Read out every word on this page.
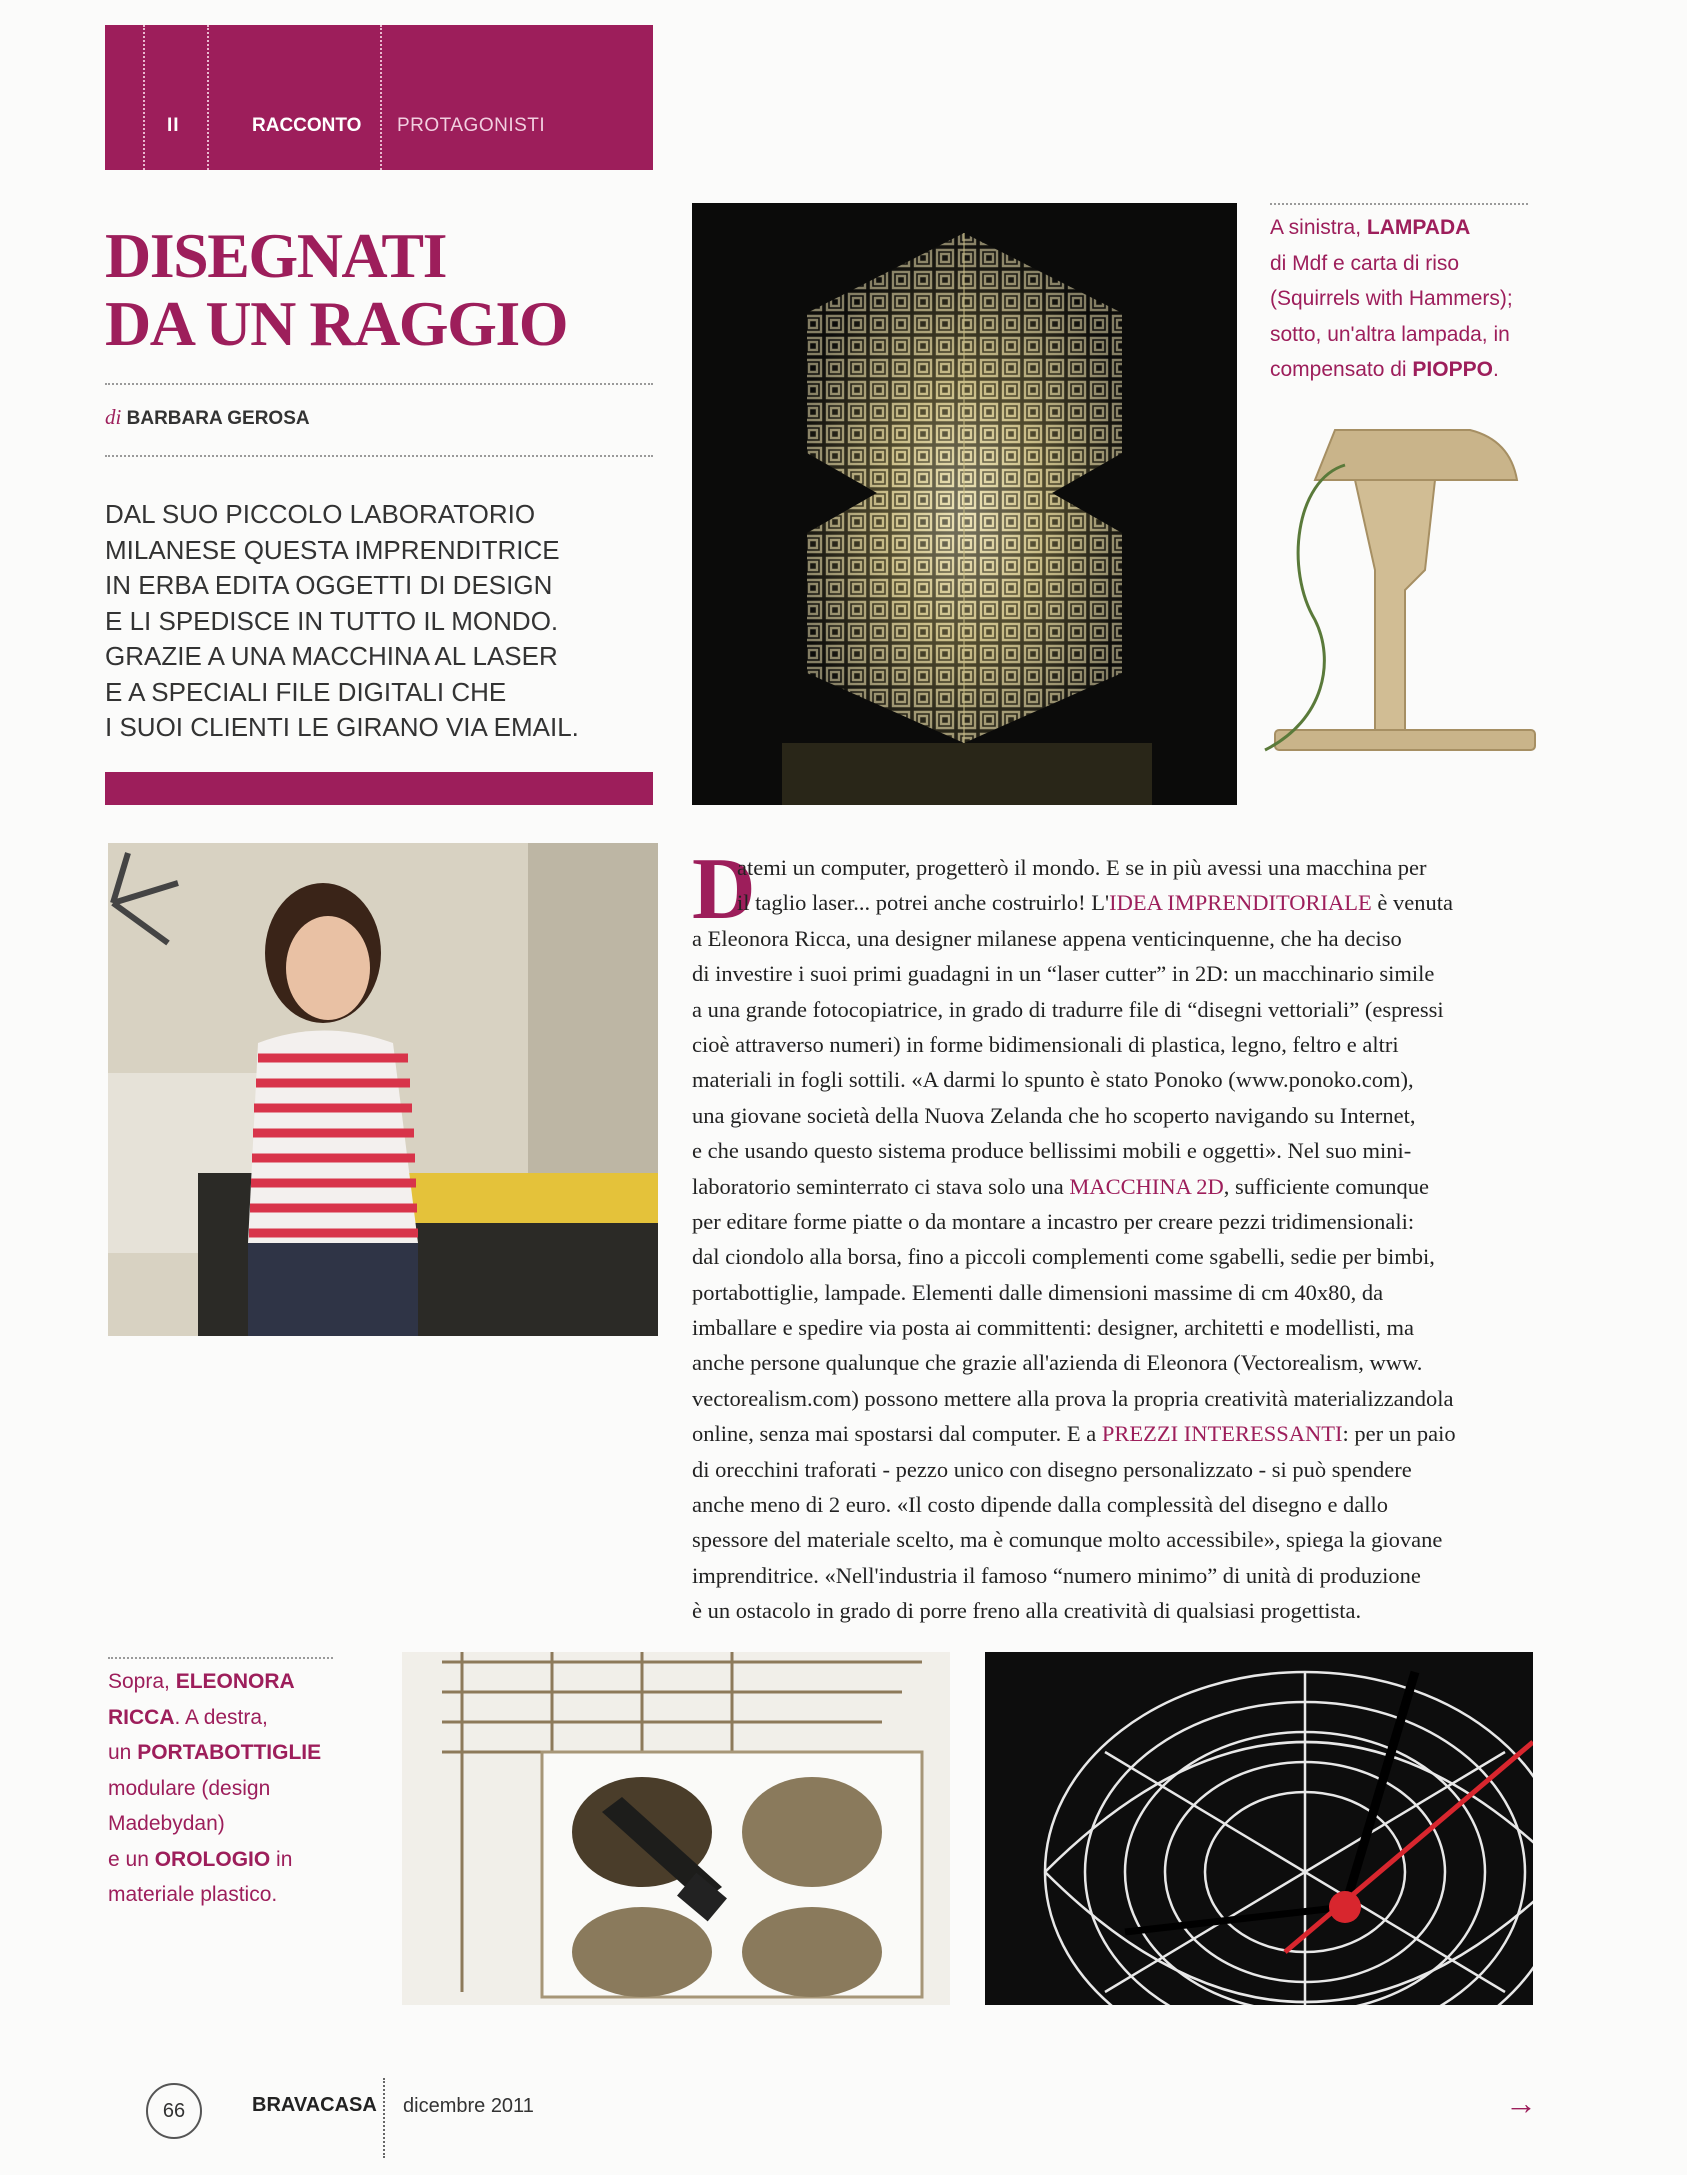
II	RACCONTO PROTAGONISTI
DISEGNATI
DA UN RAGGIO
di BARBARA GEROSA
DAL SUO PICCOLO LABORATORIO
MILANESE QUESTA IMPRENDITRICE
IN ERBA EDITA OGGETTI DI DESIGN
E LI SPEDISCE IN TUTTO IL MONDO.
GRAZIE A UNA MACCHINA AL LASER
E A SPECIALI FILE DIGITALI CHE
I SUOI CLIENTI LE GIRANO VIA EMAIL.
A sinistra, LAMPADA
di Mdf e carta di riso
(Squirrels with Hammers);
sotto, un'altra lampada, in
compensato di PIOPPO.
D
atemi un computer, progetterò il mondo. E se in più avessi una macchina per
il taglio laser... potrei anche costruirlo! L'IDEA IMPRENDITORIALE è venuta
a Eleonora Ricca, una designer milanese appena venticinquenne, che ha deciso
di investire i suoi primi guadagni in un “laser cutter” in 2D: un macchinario simile
a una grande fotocopiatrice, in grado di tradurre file di “disegni vettoriali” (espressi
cioè attraverso numeri) in forme bidimensionali di plastica, legno, feltro e altri
materiali in fogli sottili. «A darmi lo spunto è stato Ponoko (www.ponoko.com),
una giovane società della Nuova Zelanda che ho scoperto navigando su Internet,
e che usando questo sistema produce bellissimi mobili e oggetti». Nel suo mini-
laboratorio seminterrato ci stava solo una MACCHINA 2D, sufficiente comunque
per editare forme piatte o da montare a incastro per creare pezzi tridimensionali:
dal ciondolo alla borsa, fino a piccoli complementi come sgabelli, sedie per bimbi,
portabottiglie, lampade. Elementi dalle dimensioni massime di cm 40x80, da
imballare e spedire via posta ai committenti: designer, architetti e modellisti, ma
anche persone qualunque che grazie all'azienda di Eleonora (Vectorealism, www.
vectorealism.com) possono mettere alla prova la propria creatività materializzandola
online, senza mai spostarsi dal computer. E a PREZZI INTERESSANTI: per un paio
di orecchini traforati - pezzo unico con disegno personalizzato - si può spendere
anche meno di 2 euro. «Il costo dipende dalla complessità del disegno e dallo
spessore del materiale scelto, ma è comunque molto accessibile», spiega la giovane
imprenditrice. «Nell'industria il famoso “numero minimo” di unità di produzione
è un ostacolo in grado di porre freno alla creatività di qualsiasi progettista.
Sopra, ELEONORA
RICCA. A destra,
un PORTABOTTIGLIE
modulare (design
Madebydan)
e un OROLOGIO in
materiale plastico.
66	BRAVACASA dicembre 2011	→
